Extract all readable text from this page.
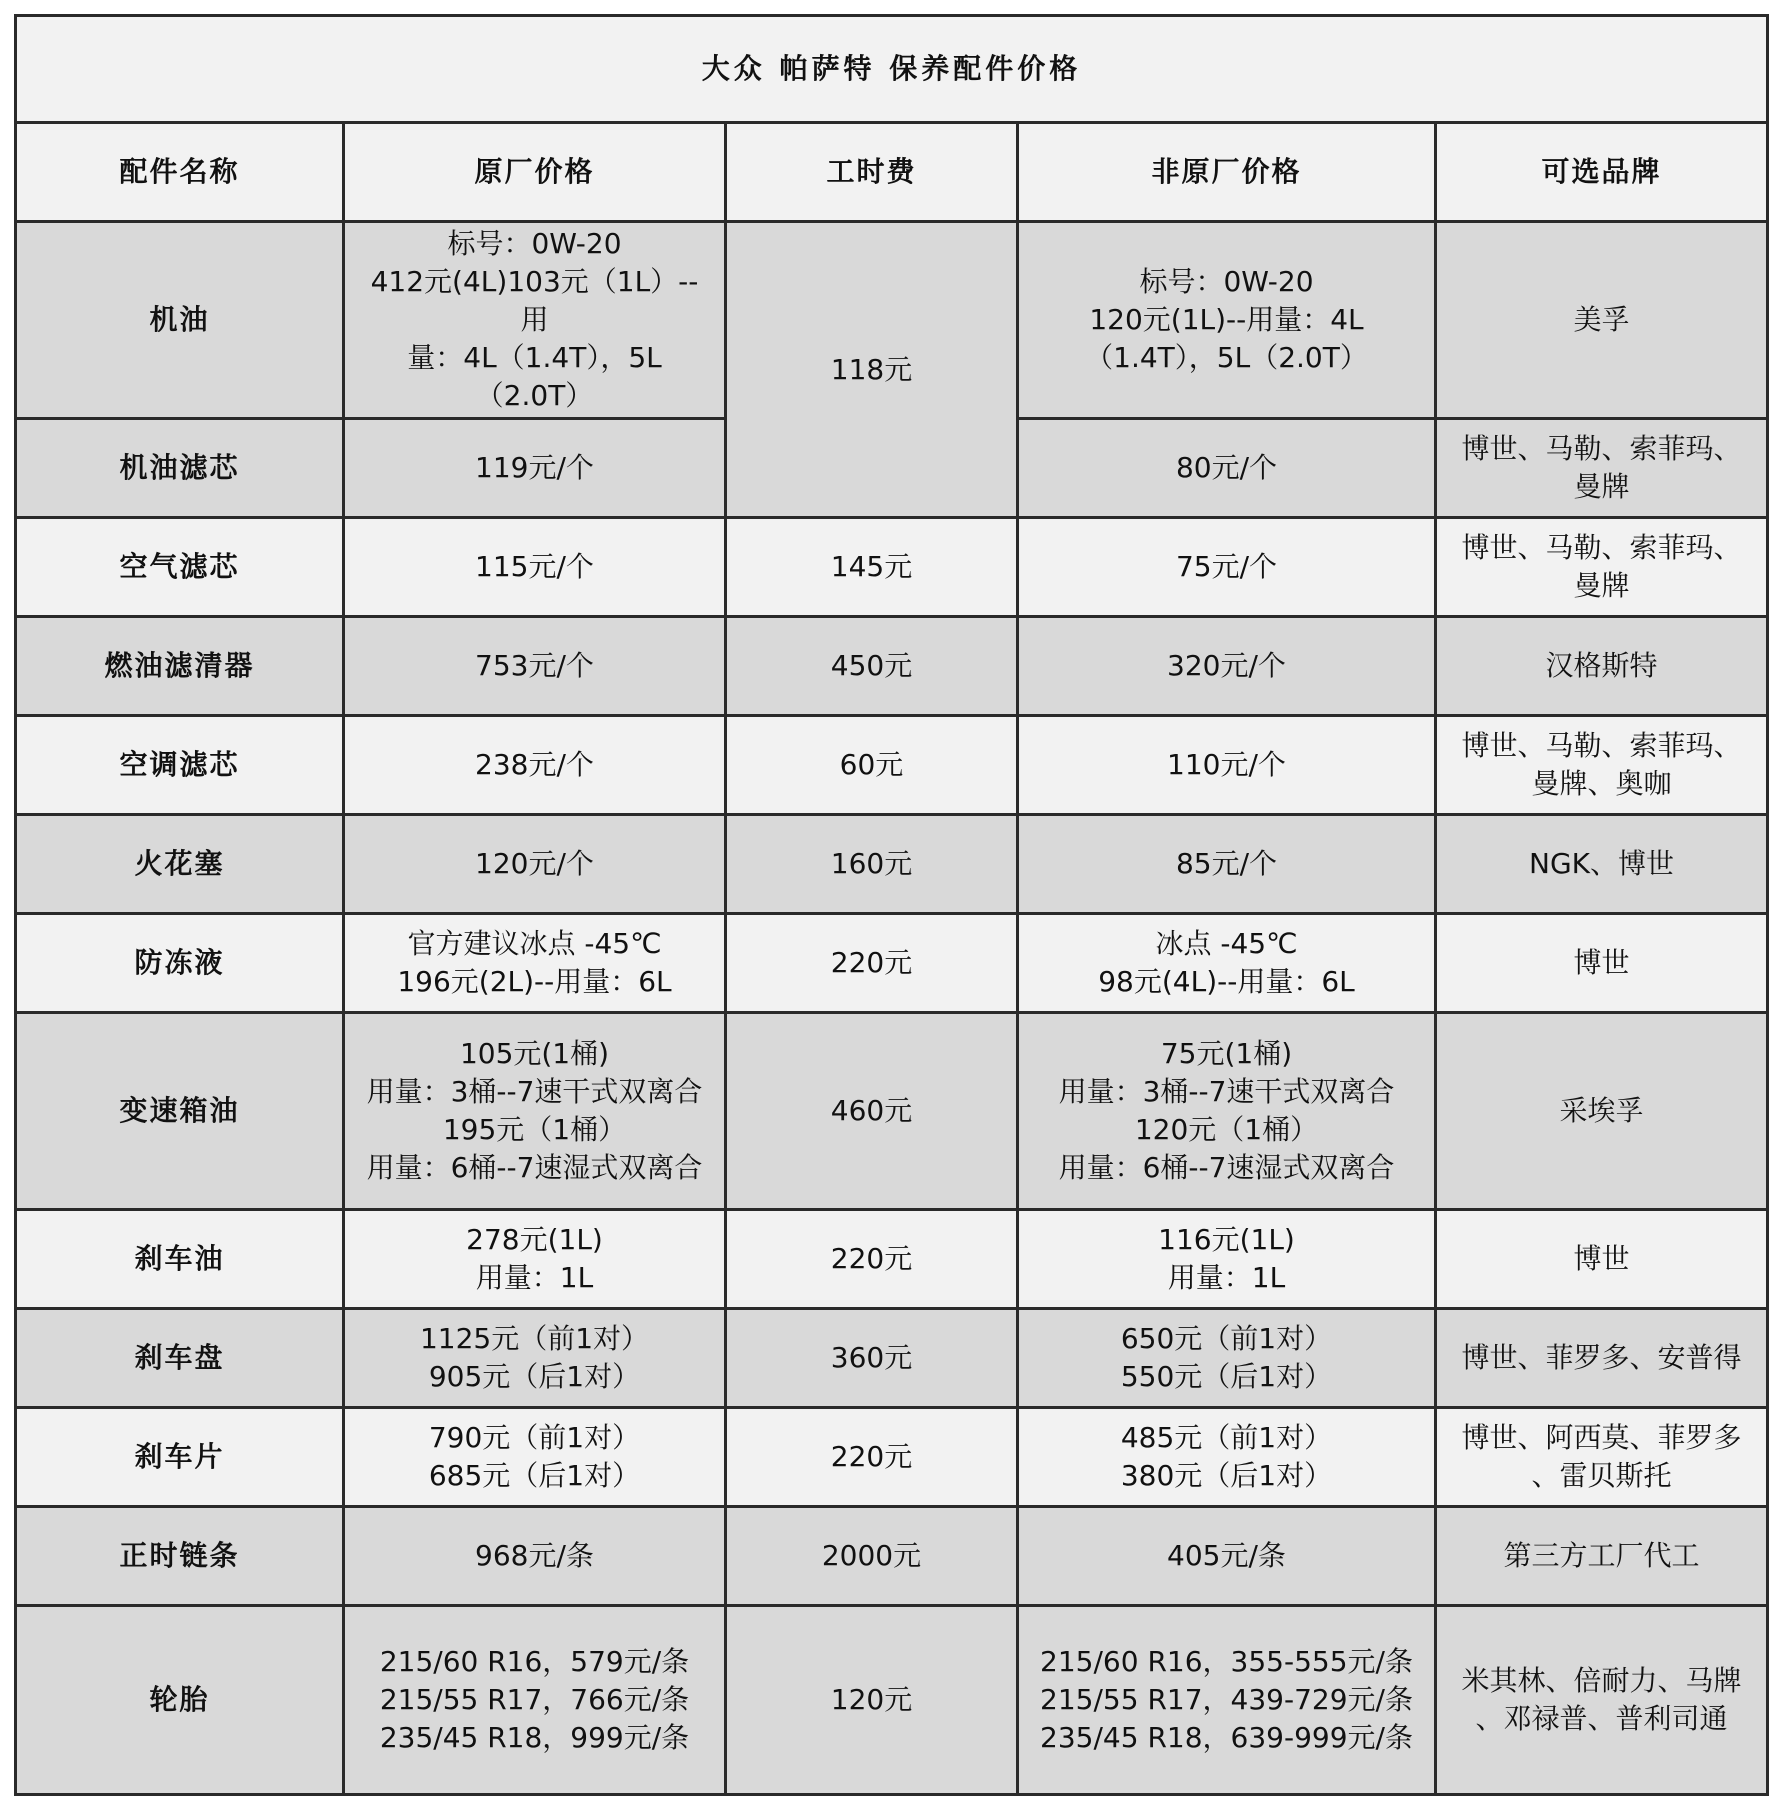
大众 帕萨特 保养配件价格				
配件名称	原厂价格	工时费	非原厂价格	可选品牌
机油	标号：0W-20
412元(4L)103元（1L）--用
量：4L（1.4T），5L
（2.0T）	118元	标号：0W-20
120元(1L)--用量：4L
（1.4T），5L（2.0T）	美孚

机油滤芯	119元/个		80元/个	博世、马勒、索菲玛、
曼牌

空气滤芯	115元/个	145元	75元/个	博世、马勒、索菲玛、
曼牌

燃油滤清器	753元/个	450元	320元/个	汉格斯特

空调滤芯	238元/个	60元	110元/个	博世、马勒、索菲玛、
曼牌、奥咖

火花塞	120元/个	160元	85元/个	NGK、博世

防冻液	官方建议冰点 -45℃
196元(2L)--用量：6L	220元	冰点 -45℃
98元(4L)--用量：6L	博世

变速箱油	105元(1桶)
用量：3桶--7速干式双离合
195元（1桶）
用量：6桶--7速湿式双离合	460元	75元(1桶)
用量：3桶--7速干式双离合
120元（1桶）
用量：6桶--7速湿式双离合	采埃孚

刹车油	278元(1L)
用量：1L	220元	116元(1L)
用量：1L	博世

刹车盘	1125元（前1对）
905元（后1对）	360元	650元（前1对）
550元（后1对）	博世、菲罗多、安普得

刹车片	790元（前1对）
685元（后1对）	220元	485元（前1对）
380元（后1对）	博世、阿西莫、菲罗多
、雷贝斯托

正时链条	968元/条	2000元	405元/条	第三方工厂代工

轮胎	215/60 R16，579元/条
215/55 R17，766元/条
235/45 R18，999元/条	120元	215/60 R16，355-555元/条
215/55 R17，439-729元/条
235/45 R18，639-999元/条	米其林、倍耐力、马牌
、邓禄普、普利司通
